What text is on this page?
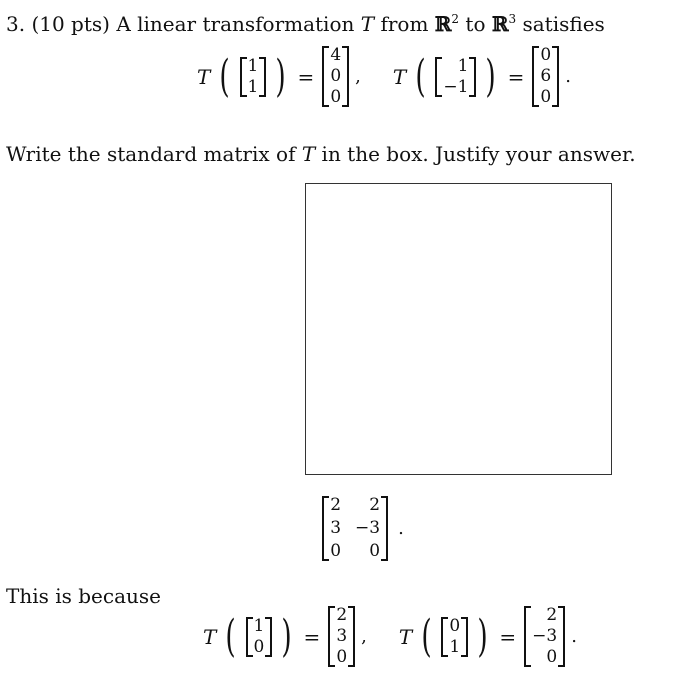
3. (10 pts) A linear transformation T from ℝ$^2$ to ℝ$^3$ satisfies
T ( 1
1 ) =
4
0
0
, T (	1
−1 ) =
0
6
0
.
Write the standard matrix of T in the box. Justify your answer.
2	2
3 −3
0	0
.
This is because
T ( 1
0 ) =
2
3
0
, T ( 0
1 ) =
2
−3
0
.
